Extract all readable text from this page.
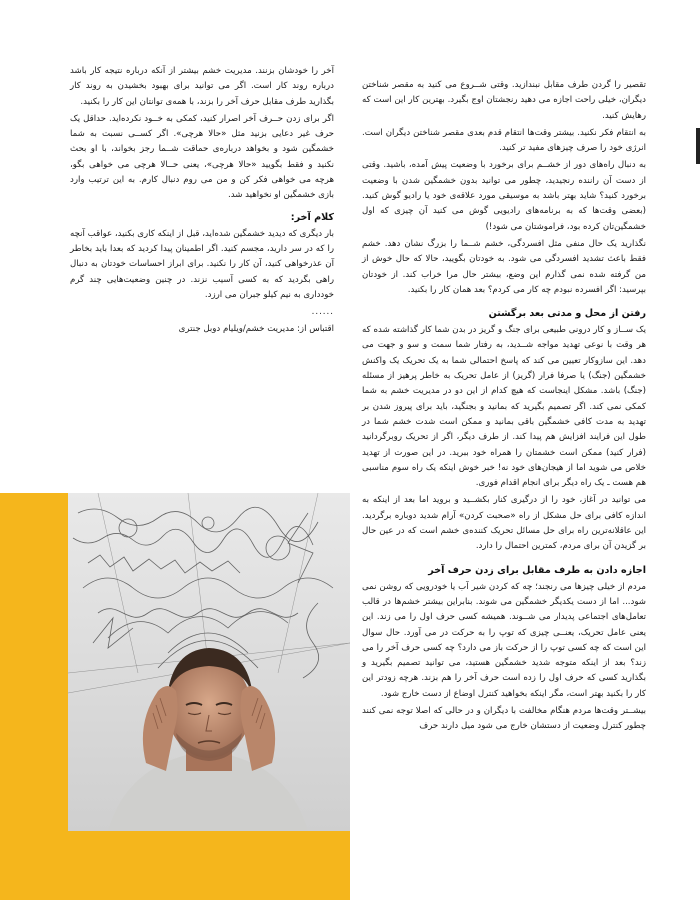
تقصیر را گردن طرف مقابل نبندازید. وقتی شــروع می کنید به مقصر شناختن دیگران، خیلی راحت اجازه می دهید رنجشتان اوج بگیرد. بهترین کار این است که رهایش کنید.

به انتقام فکر نکنید. بیشتر وقت‌ها انتقام قدم بعدی مقصر شناختن دیگران است. انرژی خود را صرف چیزهای مفید تر کنید.

به دنبال راه‌های دور از خشــم برای برخورد با وضعیت پیش آمده، باشید. وقتی از دست آن راننده رنجیدید، چطور می توانید بدون خشمگین شدن با وضعیت برخورد کنید؟ شاید بهتر باشد به موسیقی مورد علاقه‌ی خود یا رادیو گوش کنید. (بعضی وقت‌ها که به برنامه‌های رادیویی گوش می کنید آن چیزی که اول خشمگین‌تان کرده بود، فراموشتان می شود!)

نگذارید یک حال منفی مثل افسردگی، خشم شــما را بزرگ نشان دهد. خشم فقط باعث تشدید افسردگی می شود. به خودتان بگویید، حالا که حال خوش از من گرفته شده نمی گذارم این وضع، بیشتر حال مرا خراب کند. از خودتان بپرسید: اگر افسرده نبودم چه کار می کردم؟ بعد همان کار را بکنید.

رفتن از محل و مدتی بعد برگشتن

یک ســاز و کار درونی طبیعی برای جنگ و گریز در بدن شما کار گذاشته شده که هر وقت با نوعی تهدید مواجه شــدید، به رفتار شما سمت و سو و جهت می دهد. این سازوکار تعیین می کند که پاسخ احتمالی شما به یک تحریک یک واکنش خشمگین (جنگ) یا صرفا فرار (گریز) از عامل تحریک به خاطر پرهیز از مسئله (جنگ) باشد. مشکل اینجاست که هیچ کدام از این دو در مدیریت خشم به شما کمکی نمی کند. اگر تصمیم بگیرید که بمانید و بجنگید، باید برای پیروز شدن بر تهدید به مدت کافی خشمگین باقی بمانید و ممکن است شدت خشم شما در طول این فرایند افزایش هم پیدا کند. از طرف دیگر، اگر از تحریک روبرگردانید (فرار کنید) ممکن است خشمتان را همراه خود ببرید. در این صورت از تهدید خلاص می شوید اما از هیجان‌های خود نه! خبر خوش اینکه یک راه سوم مناسبی هم هست ـ یک راه دیگر برای انجام اقدام فوری.

می توانید در آغاز، خود را از درگیری کنار بکشــید و بروید اما بعد از اینکه به اندازه کافی برای حل مشکل از راه «صحبت کردن» آرام شدید دوباره برگردید. این عاقلانه‌ترین راه برای حل مسائل تحریک کننده‌ی خشم است که در عین حال بر گزیدن آن برای مردم، کمترین احتمال را دارد.

اجازه دادن به طرف مقابل برای زدن حرف آخر

مردم از خیلی چیزها می رنجند؛ چه که کردن شیر آب یا خودرویی که روشن نمی شود... اما از دست یکدیگر خشمگین می شوند. بنابراین بیشتر خشم‌ها در قالب تعامل‌های اجتماعی پدیدار می شــوند. همیشه کسی حرف اول را می زند. این یعنی عامل تحریک، یعنــی چیزی که توپ را به حرکت در می آورد. حال سوال این است که چه کسی توپ را از حرکت باز می دارد؟ چه کسی حرف آخر را می زند؟ بعد از اینکه متوجه شدید خشمگین هستید، می توانید تصمیم بگیرید و بگذارید کسی که حرف اول را زده است حرف آخر را هم بزند. هرچه زودتر این کار را بکنید بهتر است، مگر اینکه بخواهید کنترل اوضاع از دست خارج شود.

بیشــتر وقت‌ها مردم هنگام مخالفت با دیگران و در حالی که اصلا توجه نمی کنند چطور کنترل وضعیت از دستشان خارج می شود میل دارند حرف

آخر را خودشان بزنند. مدیریت خشم بیشتر از آنکه درباره نتیجه کار باشد درباره روند کار است. اگر می توانید برای بهبود بخشیدن به روند کار بگذارید طرف مقابل حرف آخر را بزند، با همه‌ی توانتان این کار را بکنید.

اگر برای زدن حــرف آخر اصرار کنید، کمکی به خــود نکرده‌اید. حداقل یک حرف غیر دعایی بزنید مثل «حالا هرچی». اگر کســی نسبت به شما خشمگین شود و بخواهد درباره‌ی حماقت شــما رجز بخواند، با او بحث نکنید و فقط بگویید «حالا هرچی»، یعنی حــالا هرچی می خواهی بگو، هرچه می خواهی فکر کن و من می روم دنبال کارم. به این ترتیب وارد بازی خشمگین او نخواهید شد.

کلام آخر:

بار دیگری که دیدید خشمگین شده‌اید، قبل از اینکه کاری بکنید، عواقب آنچه را که در سر دارید، مجسم کنید. اگر اطمینان پیدا کردید که بعدا باید بخاطر آن عذرخواهی کنید، آن کار را نکنید. برای ابراز احساسات خودتان به دنبال راهی بگردید که به کسی آسیب نزند. در چنین وضعیت‌هایی چند گرم خودداری به نیم کیلو جبران می ارزد.

......

اقتباس از: مدیریت خشم/ویلیام دوبل جنتری
